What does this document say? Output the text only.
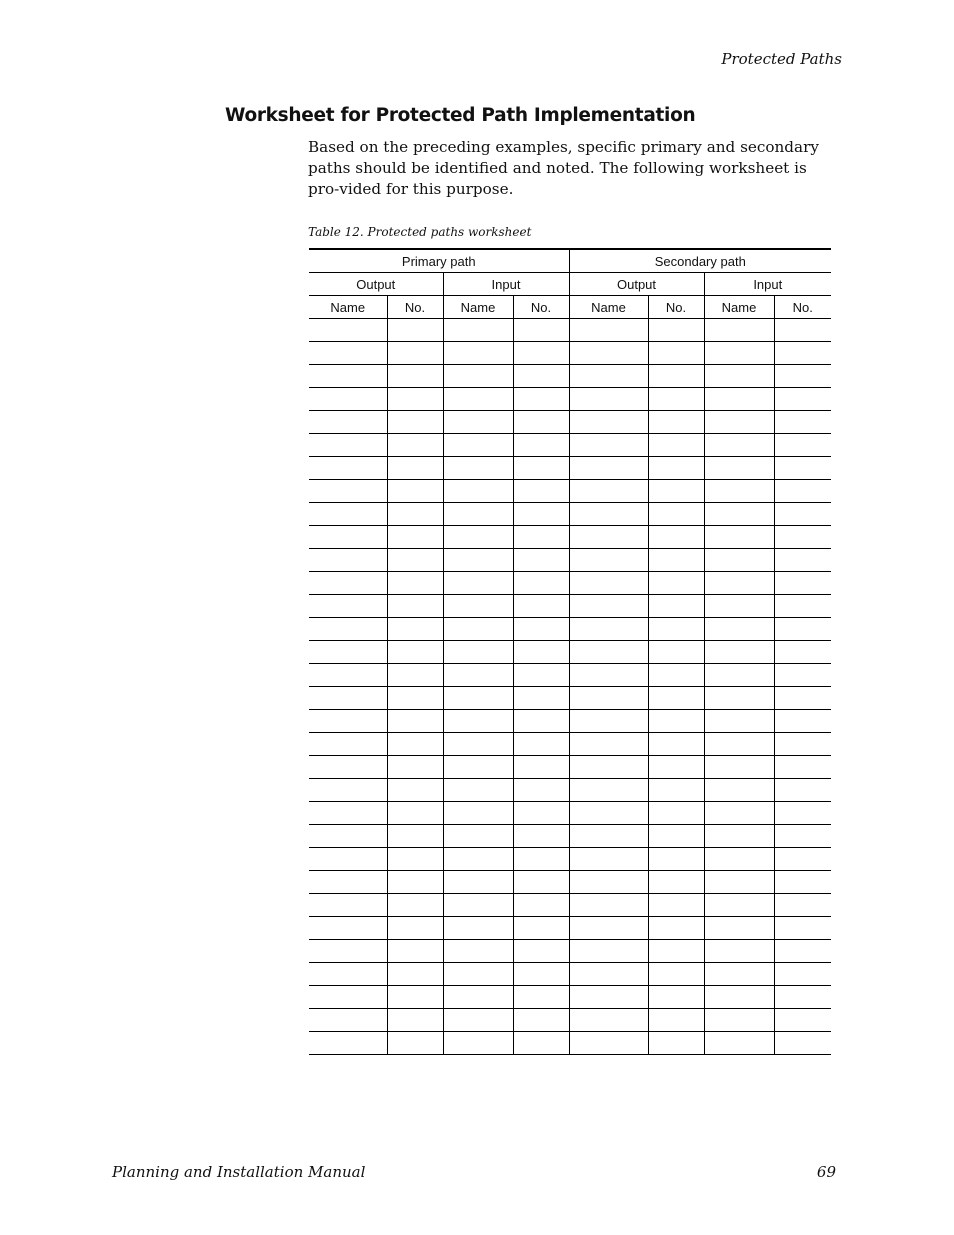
Protected Paths
Worksheet for Protected Path Implementation

Based on the preceding examples, specific primary and secondary paths should be identified and noted. The following worksheet is pro-vided for this purpose.

Table 12. Protected paths worksheet
Primary path				Secondary path			
Output		Input		Output		Input	
Name	No.	Name	No.	Name	No.	Name	No.

Planning and Installation Manual	69
